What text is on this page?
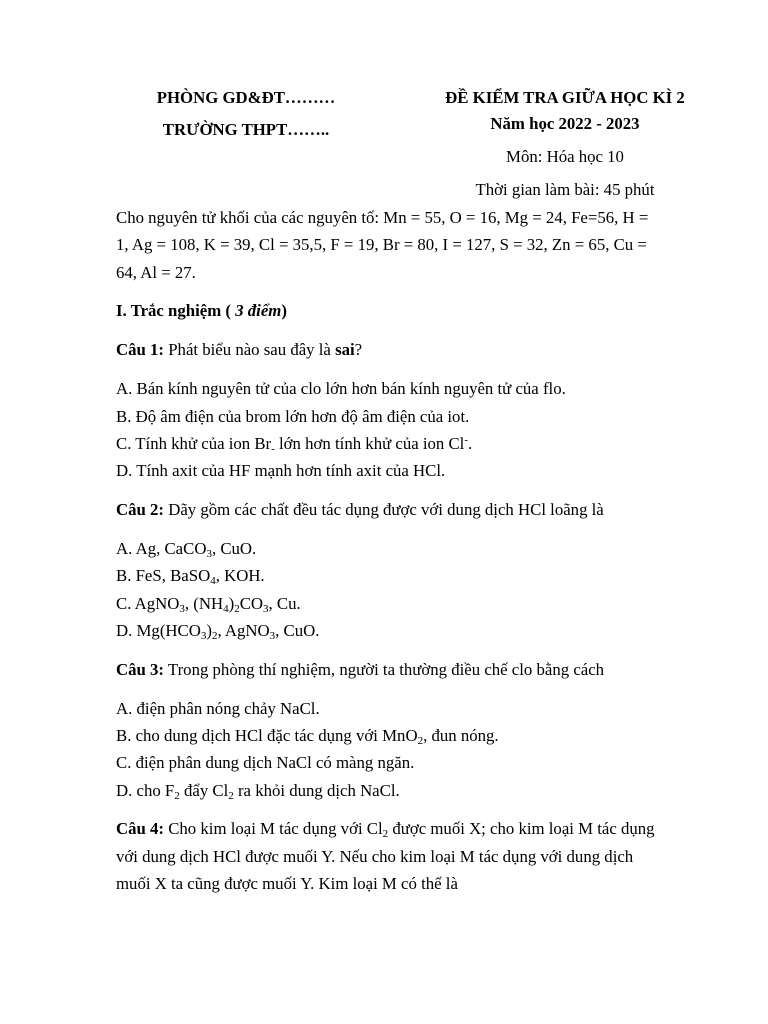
PHÒNG GD&ĐT………
TRƯỜNG THPT……..
ĐỀ KIỂM TRA GIỮA HỌC KÌ 2
Năm học 2022 - 2023
Môn: Hóa học 10
Thời gian làm bài: 45 phút

Cho nguyên tử khối của các nguyên tố: Mn = 55, O = 16, Mg = 24, Fe=56, H = 1, Ag = 108, K = 39, Cl = 35,5, F = 19, Br = 80, I = 127, S = 32, Zn = 65, Cu = 64, Al = 27.

I. Trắc nghiệm ( 3 điểm)

Câu 1: Phát biểu nào sau đây là sai?

A. Bán kính nguyên tử của clo lớn hơn bán kính nguyên tử của flo.
B. Độ âm điện của brom lớn hơn độ âm điện của iot.
C. Tính khử của ion $Br_-$ lớn hơn tính khử của ion Cl-.
D. Tính axit của HF mạnh hơn tính axit của HCl.

Câu 2: Dãy gồm các chất đều tác dụng được với dung dịch HCl loãng là

A. Ag, CaCO$_3$, CuO.
B. FeS, BaSO$_4$, KOH.
C. AgNO$_3$, $(NH_4)_2CO_3$, Cu.
D. $Mg(HCO_3)_2$, AgNO$_3$, CuO.

Câu 3: Trong phòng thí nghiệm, người ta thường điều chế clo bằng cách

A. điện phân nóng chảy NaCl.
B. cho dung dịch HCl đặc tác dụng với MnO$_2$, đun nóng.
C. điện phân dung dịch NaCl có màng ngăn.
D. cho $F_2$ đẩy $Cl_2$ ra khỏi dung dịch NaCl.

Câu 4: Cho kim loại M tác dụng với $Cl_2$ được muối X; cho kim loại M tác dụng với dung dịch HCl được muối Y. Nếu cho kim loại M tác dụng với dung dịch muối X ta cũng được muối Y. Kim loại M có thể là
